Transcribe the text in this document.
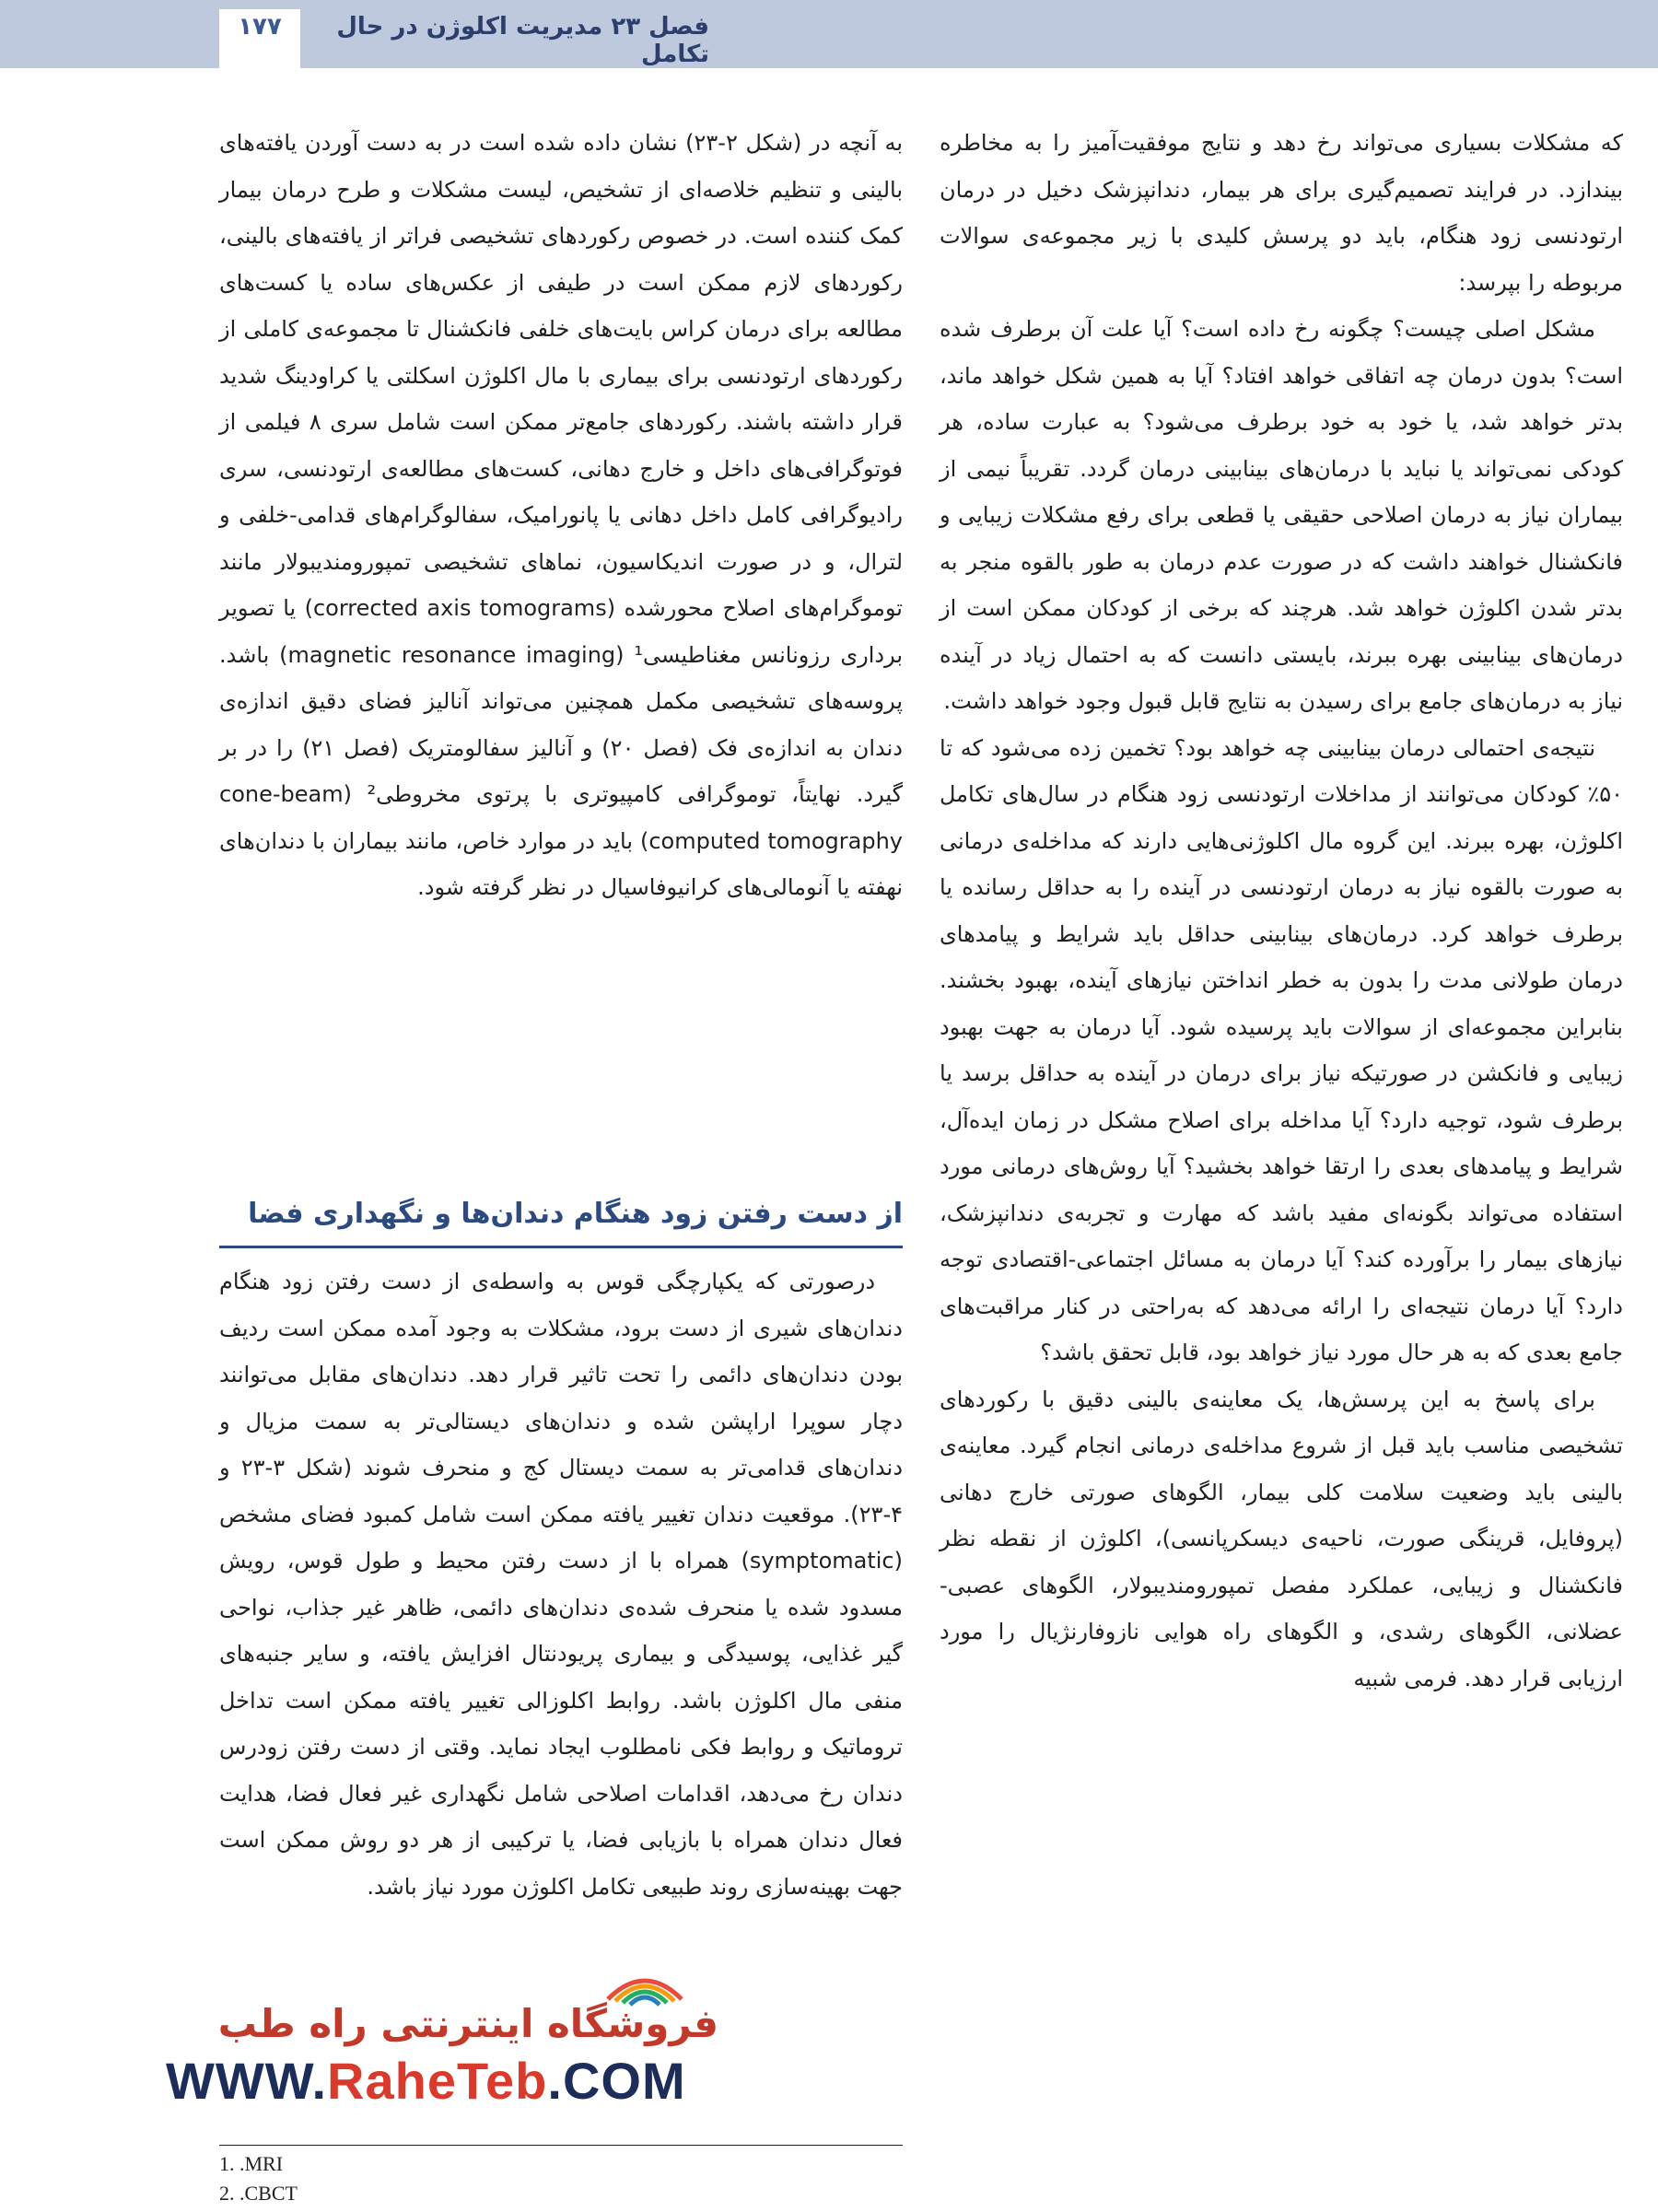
۱۷۷	فصل ۲۳ مدیریت اکلوژن در حال تکامل

که مشکلات بسیاری می‌تواند رخ دهد و نتایج موفقیت‌آمیز را به مخاطره بیندازد. در فرایند تصمیم‌گیری برای هر بیمار، دندانپزشک دخیل در درمان ارتودنسی زود هنگام، باید دو پرسش کلیدی با زیر مجموعه‌ی سوالات مربوطه را بپرسد:

مشکل اصلی چیست؟ چگونه رخ داده است؟ آیا علت آن برطرف شده است؟ بدون درمان چه اتفاقی خواهد افتاد؟ آیا به همین شکل خواهد ماند، بدتر خواهد شد، یا خود به خود برطرف می‌شود؟ به عبارت ساده، هر کودکی نمی‌تواند یا نباید با درمان‌های بینابینی درمان گردد. تقریباً نیمی از بیماران نیاز به درمان اصلاحی حقیقی یا قطعی برای رفع مشکلات زیبایی و فانکشنال خواهند داشت که در صورت عدم درمان به طور بالقوه منجر به بدتر شدن اکلوژن خواهد شد. هرچند که برخی از کودکان ممکن است از درمان‌های بینابینی بهره ببرند، بایستی دانست که به احتمال زیاد در آینده نیاز به درمان‌های جامع برای رسیدن به نتایج قابل قبول وجود خواهد داشت.

نتیجه‌ی احتمالی درمان بینابینی چه خواهد بود؟ تخمین زده می‌شود که تا ۵۰٪ کودکان می‌توانند از مداخلات ارتودنسی زود هنگام در سال‌های تکامل اکلوژن، بهره ببرند. این گروه مال اکلوژنی‌هایی دارند که مداخله‌ی درمانی به صورت بالقوه نیاز به درمان ارتودنسی در آینده را به حداقل رسانده یا برطرف خواهد کرد. درمان‌های بینابینی حداقل باید شرایط و پیامدهای درمان طولانی مدت را بدون به خطر انداختن نیازهای آینده، بهبود بخشند. بنابراین مجموعه‌ای از سوالات باید پرسیده شود. آیا درمان به جهت بهبود زیبایی و فانکشن در صورتیکه نیاز برای درمان در آینده به حداقل برسد یا برطرف شود، توجیه دارد؟ آیا مداخله برای اصلاح مشکل در زمان ایده‌آل، شرایط و پیامدهای بعدی را ارتقا خواهد بخشید؟ آیا روش‌های درمانی مورد استفاده می‌تواند بگونه‌ای مفید باشد که مهارت و تجربه‌ی دندانپزشک، نیازهای بیمار را برآورده کند؟ آیا درمان به مسائل اجتماعی-اقتصادی توجه دارد؟ آیا درمان نتیجه‌ای را ارائه می‌دهد که به‌راحتی در کنار مراقبت‌های جامع بعدی که به هر حال مورد نیاز خواهد بود، قابل تحقق باشد؟

برای پاسخ به این پرسش‌ها، یک معاینه‌ی بالینی دقیق با رکوردهای تشخیصی مناسب باید قبل از شروع مداخله‌ی درمانی انجام گیرد. معاینه‌ی بالینی باید وضعیت سلامت کلی بیمار، الگوهای صورتی خارج دهانی (پروفایل، قرینگی صورت، ناحیه‌ی دیسکرپانسی)، اکلوژن از نقطه نظر فانکشنال و زیبایی، عملکرد مفصل تمپورومندیبولار، الگوهای عصبی-عضلانی، الگوهای رشدی، و الگوهای راه هوایی نازوفارنژیال را مورد ارزیابی قرار دهد. فرمی شبیه

به آنچه در (شکل ۲-۲۳) نشان داده شده است در به دست آوردن یافته‌های بالینی و تنظیم خلاصه‌ای از تشخیص، لیست مشکلات و طرح درمان بیمار کمک کننده است. در خصوص رکوردهای تشخیصی فراتر از یافته‌های بالینی، رکوردهای لازم ممکن است در طیفی از عکس‌های ساده یا کست‌های مطالعه برای درمان کراس بایت‌های خلفی فانکشنال تا مجموعه‌ی کاملی از رکوردهای ارتودنسی برای بیماری با مال اکلوژن اسکلتی یا کراودینگ شدید قرار داشته باشند. رکوردهای جامع‌تر ممکن است شامل سری ۸ فیلمی از فوتوگرافی‌های داخل و خارج دهانی، کست‌های مطالعه‌ی ارتودنسی، سری رادیوگرافی کامل داخل دهانی یا پانورامیک، سفالوگرام‌های قدامی-خلفی و لترال، و در صورت اندیکاسیون، نماهای تشخیصی تمپورومندیبولار مانند توموگرام‌های اصلاح محورشده (corrected axis tomograms) یا تصویر برداری رزونانس مغناطیسی¹ (magnetic resonance imaging) باشد. پروسه‌های تشخیصی مکمل همچنین می‌تواند آنالیز فضای دقیق اندازه‌ی دندان به اندازه‌ی فک (فصل ۲۰) و آنالیز سفالومتریک (فصل ۲۱) را در بر گیرد. نهایتاً، توموگرافی کامپیوتری با پرتوی مخروطی² (cone-beam computed tomography) باید در موارد خاص، مانند بیماران با دندان‌های نهفته یا آنومالی‌های کرانیوفاسیال در نظر گرفته شود.

از دست رفتن زود هنگام دندان‌ها و نگهداری فضا

درصورتی که یکپارچگی قوس به واسطه‌ی از دست رفتن زود هنگام دندان‌های شیری از دست برود، مشکلات به وجود آمده ممکن است ردیف بودن دندان‌های دائمی را تحت تاثیر قرار دهد. دندان‌های مقابل می‌توانند دچار سوپرا اراپشن شده و دندان‌های دیستالی‌تر به سمت مزیال و دندان‌های قدامی‌تر به سمت دیستال کج و منحرف شوند (شکل ۳-۲۳ و ۴-۲۳). موقعیت دندان تغییر یافته ممکن است شامل کمبود فضای مشخص (symptomatic) همراه با از دست رفتن محیط و طول قوس، رویش مسدود شده یا منحرف شده‌ی دندان‌های دائمی، ظاهر غیر جذاب، نواحی گیر غذایی، پوسیدگی و بیماری پریودنتال افزایش یافته، و سایر جنبه‌های منفی مال اکلوژن باشد. روابط اکلوزالی تغییر یافته ممکن است تداخل تروماتیک و روابط فکی نامطلوب ایجاد نماید. وقتی از دست رفتن زودرس دندان رخ می‌دهد، اقدامات اصلاحی شامل نگهداری غیر فعال فضا، هدایت فعال دندان همراه با بازیابی فضا، یا ترکیبی از هر دو روش ممکن است جهت بهینه‌سازی روند طبیعی تکامل اکلوژن مورد نیاز باشد.

فروشگاه اینترنتی راه طب
WWW.RaheTeb.COM
1. .MRI
2. .CBCT
